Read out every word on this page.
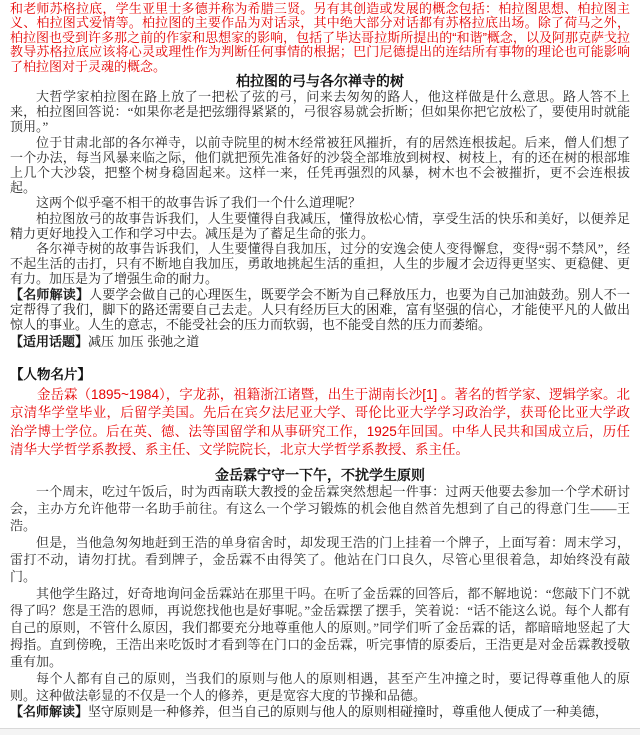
和老师苏格拉底，学生亚里士多德并称为希腊三贤。另有其创造或发展的概念包括：柏拉图思想、柏拉图主义、柏拉图式爱情等。柏拉图的主要作品为对话录，其中绝大部分对话都有苏格拉底出场。除了荷马之外，柏拉图也受到许多那之前的作家和思想家的影响，包括了毕达哥拉斯所提出的“和谐”概念，以及阿那克萨戈拉教导苏格拉底应该将心灵或理性作为判断任何事情的根据；巴门尼德提出的连结所有事物的理论也可能影响了柏拉图对于灵魂的概念。

柏拉图的弓与各尔禅寺的树

大哲学家柏拉图在路上放了一把松了弦的弓，问来去匆匆的路人，他这样做是什么意思。路人答不上来，柏拉图回答说：“如果你老是把弦绷得紧紧的，弓很容易就会折断；但如果你把它放松了，要使用时就能顶用。”

位于甘肃北部的各尔禅寺，以前寺院里的树木经常被狂风摧折，有的居然连根拔起。后来，僧人们想了一个办法，每当风暴来临之际，他们就把预先准备好的沙袋全部堆放到树杈、树枝上，有的还在树的根部堆上几个大沙袋，把整个树身稳固起来。这样一来，任凭再强烈的风暴，树木也不会被摧折，更不会连根拔起。

这两个似乎毫不相干的故事告诉了我们一个什么道理呢？

柏拉图放弓的故事告诉我们，人生要懂得自我减压，懂得放松心情，享受生活的快乐和美好，以便养足精力更好地投入工作和学习中去。减压是为了蓄足生命的张力。

各尔禅寺树的故事告诉我们，人生要懂得自我加压，过分的安逸会使人变得懈怠，变得“弱不禁风”，经不起生活的击打，只有不断地自我加压，勇敢地挑起生活的重担，人生的步履才会迈得更坚实、更稳健、更有力。加压是为了增强生命的耐力。

【名师解读】人要学会做自己的心理医生，既要学会不断为自己释放压力，也要为自己加油鼓劲。别人不一定帮得了我们，脚下的路还需要自己去走。人只有经历巨大的困难，富有坚强的信心，才能使平凡的人做出惊人的事业。人生的意志，不能受社会的压力而软弱，也不能受自然的压力而萎缩。

【适用话题】减压 加压 张弛之道

【人物名片】

金岳霖（1895~1984），字龙荪，祖籍浙江诸暨，出生于湖南长沙[1] 。著名的哲学家、逻辑学家。北京清华学堂毕业，后留学美国。先后在宾夕法尼亚大学、哥伦比亚大学学习政治学，获哥伦比亚大学政治学博士学位。后在英、德、法等国留学和从事研究工作，1925年回国。中华人民共和国成立后，历任清华大学哲学系教授、系主任、文学院院长，北京大学哲学系教授、系主任。

金岳霖宁守一下午，不扰学生原则

一个周末，吃过午饭后，时为西南联大教授的金岳霖突然想起一件事：过两天他要去参加一个学术研讨会，主办方允许他带一名助手前往。有这么一个学习锻炼的机会他自然首先想到了自己的得意门生——王浩。

但是，当他急匆匆地赶到王浩的单身宿舍时，却发现王浩的门上挂着一个牌子，上面写着：周末学习，雷打不动，请勿打扰。看到牌子，金岳霖不由得笑了。他站在门口良久，尽管心里很着急，却始终没有敲门。

其他学生路过，好奇地询问金岳霖站在那里干吗。在听了金岳霖的回答后，都不解地说：“您敲下门不就得了吗？您是王浩的恩师，再说您找他也是好事呢。”金岳霖摆了摆手，笑着说：“话不能这么说。每个人都有自己的原则，不管什么原因，我们都要充分地尊重他人的原则。”同学们听了金岳霖的话，都暗暗地竖起了大拇指。直到傍晚，王浩出来吃饭时才看到等在门口的金岳霖，听完事情的原委后，王浩更是对金岳霖教授敬重有加。

每个人都有自己的原则，当我们的原则与他人的原则相遇，甚至产生冲撞之时，要记得尊重他人的原则。这种做法彰显的不仅是一个人的修养，更是宽容大度的节操和品德。

【名师解读】坚守原则是一种修养，但当自己的原则与他人的原则相碰撞时，尊重他人便成了一种美德，
